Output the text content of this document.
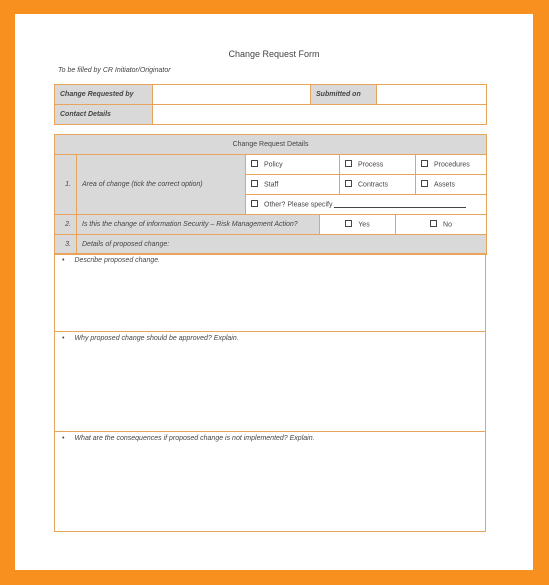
Change Request Form
To be filled by CR Initiator/Originator
Change Requested by		Submitted on	
Contact Details			
Change Request Details						
1.	Area of change (tick the correct option)	Policy		Process		Procedures
		Staff		Contracts		Assets
		Other? Please specify				
2.	Is this the change of information Security – Risk Management Action?		Yes		No	
3.	Details of proposed change:					
• Describe proposed change.
• Why proposed change should be approved? Explain.
• What are the consequences if proposed change is not implemented? Explain.
